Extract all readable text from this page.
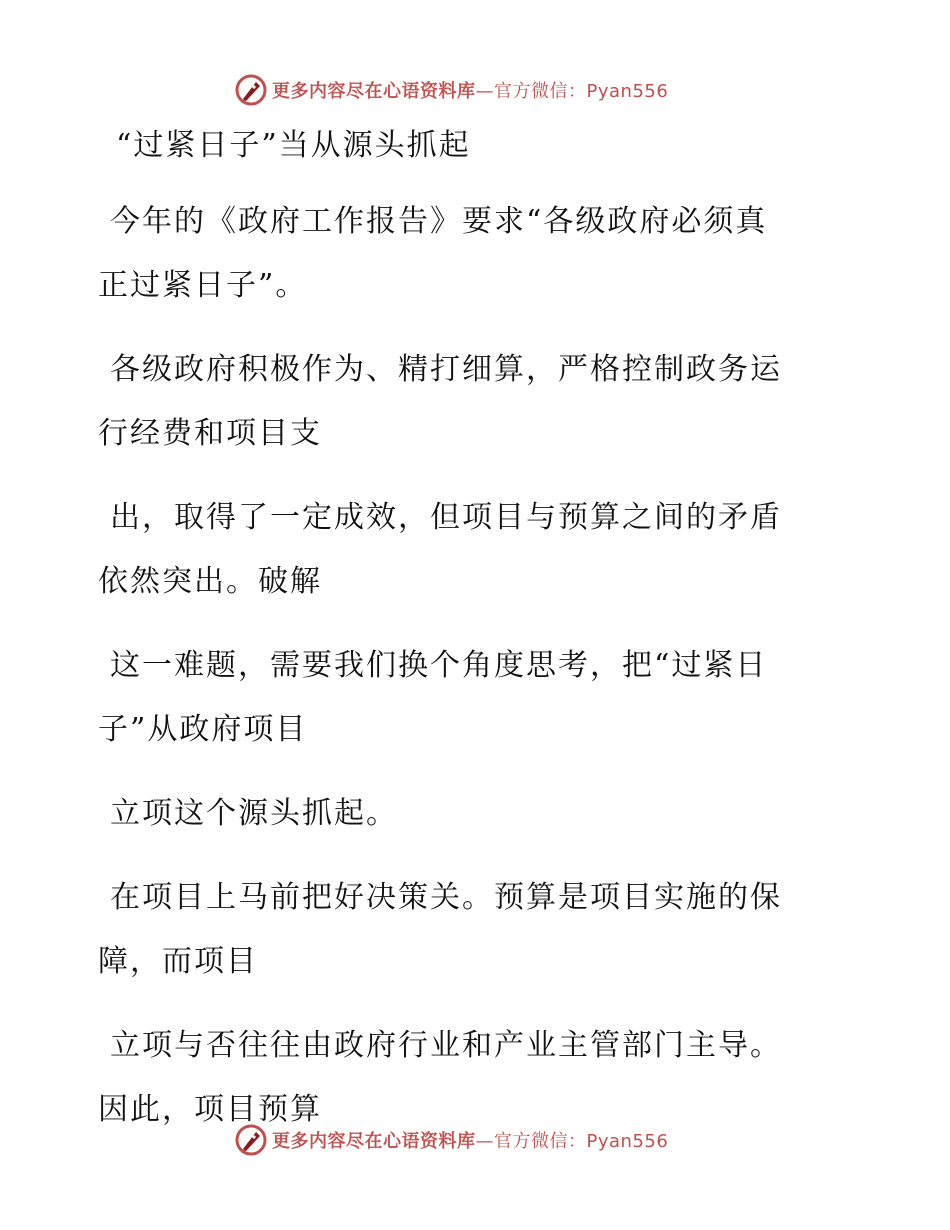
更多内容尽在心语资料库—官方微信：Pyan556
“过紧日子”当从源头抓起

今年的《政府工作报告》要求“各级政府必须真
正过紧日子”。

各级政府积极作为、精打细算，严格控制政务运
行经费和项目支

出，取得了一定成效，但项目与预算之间的矛盾
依然突出。破解

这一难题，需要我们换个角度思考，把“过紧日
子”从政府项目

立项这个源头抓起。

在项目上马前把好决策关。预算是项目实施的保
障，而项目

立项与否往往由政府行业和产业主管部门主导。
因此，项目预算

更多内容尽在心语资料库—官方微信：Pyan556
